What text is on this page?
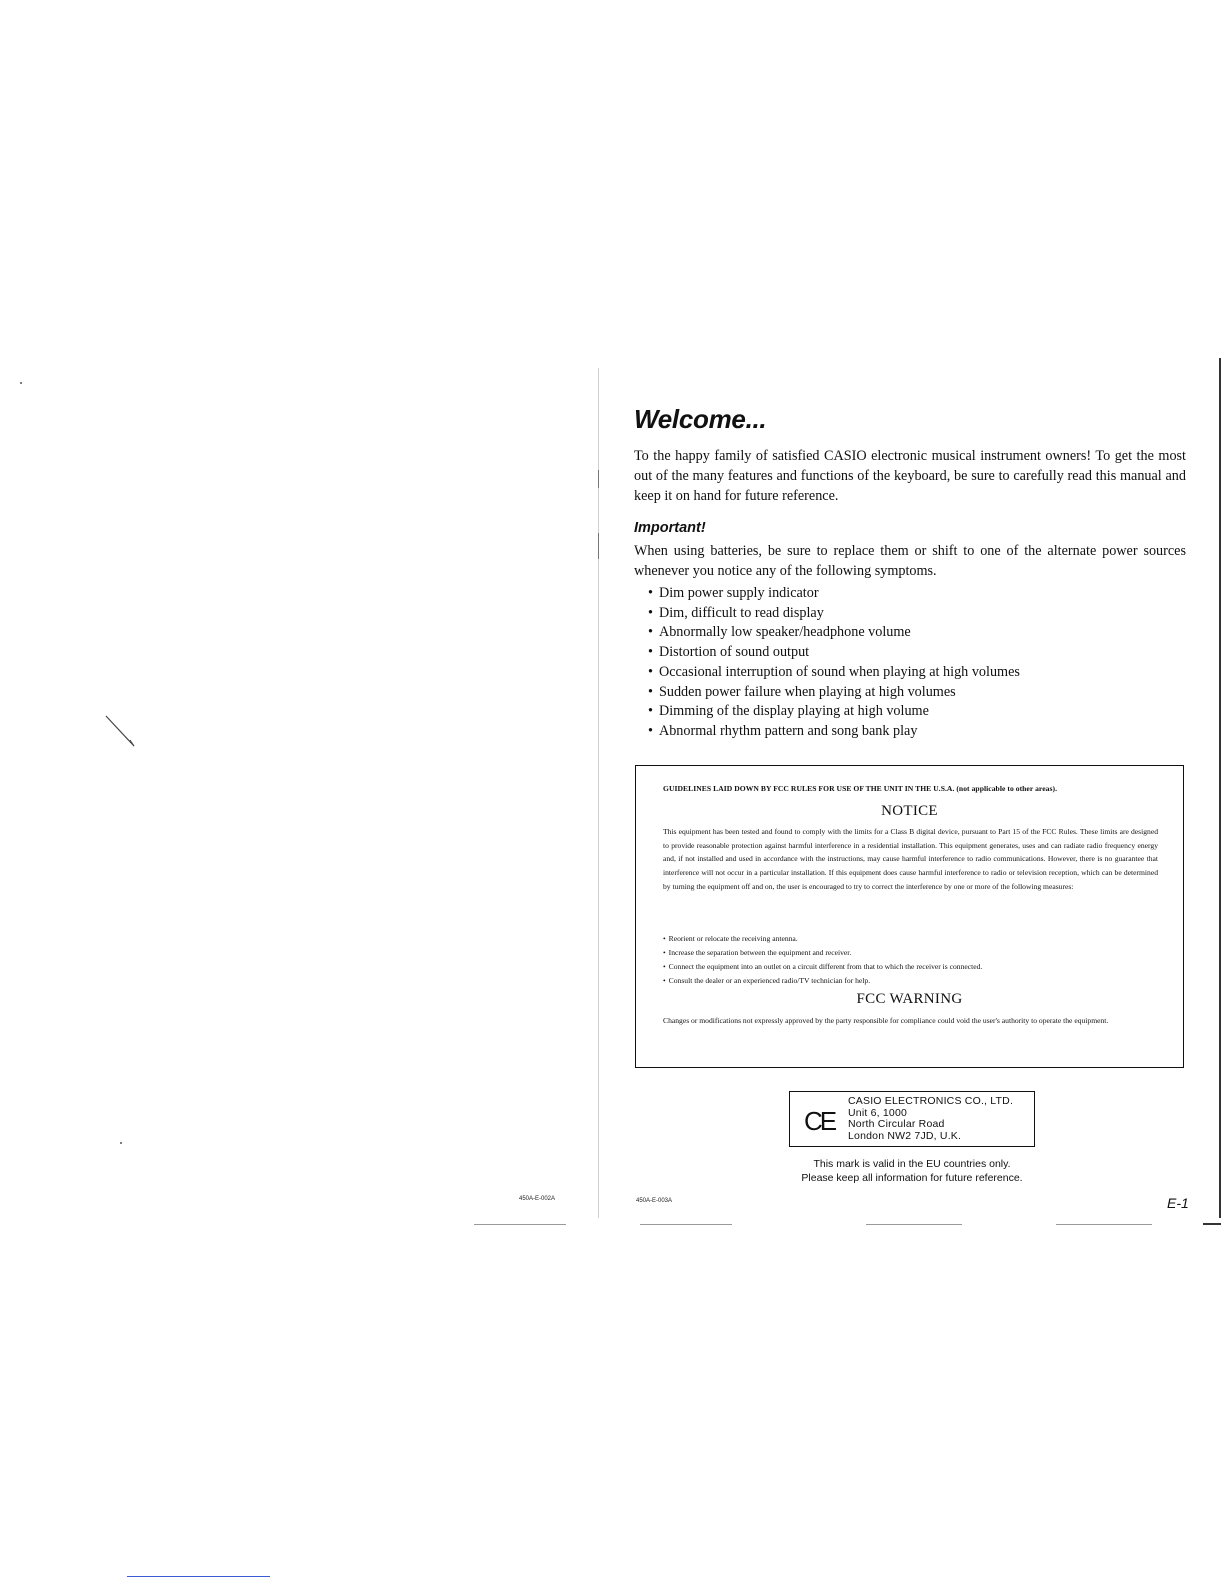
Welcome...

To the happy family of satisfied CASIO electronic musical instrument owners! To get the most out of the many features and functions of the keyboard, be sure to carefully read this manual and keep it on hand for future reference.

Important!

When using batteries, be sure to replace them or shift to one of the alternate power sources whenever you notice any of the following symptoms.

• Dim power supply indicator
• Dim, difficult to read display
• Abnormally low speaker/headphone volume
• Distortion of sound output
• Occasional interruption of sound when playing at high volumes
• Sudden power failure when playing at high volumes
• Dimming of the display playing at high volume
• Abnormal rhythm pattern and song bank play

GUIDELINES LAID DOWN BY FCC RULES FOR USE OF THE UNIT IN THE U.S.A. (not applicable to other areas).

NOTICE

This equipment has been tested and found to comply with the limits for a Class B digital device, pursuant to Part 15 of the FCC Rules. These limits are designed to provide reasonable protection against harmful interference in a residential installation. This equipment generates, uses and can radiate radio frequency energy and, if not installed and used in accordance with the instructions, may cause harmful interference to radio communications. However, there is no guarantee that interference will not occur in a particular installation. If this equipment does cause harmful interference to radio or television reception, which can be determined by turning the equipment off and on, the user is encouraged to try to correct the interference by one or more of the following measures:

• Reorient or relocate the receiving antenna.
• Increase the separation between the equipment and receiver.
• Connect the equipment into an outlet on a circuit different from that to which the receiver is connected.
• Consult the dealer or an experienced radio/TV technician for help.
FCC WARNING

Changes or modifications not expressly approved by the party responsible for compliance could void the user's authority to operate the equipment.

CE
CASIO ELECTRONICS CO., LTD.
Unit 6, 1000
North Circular Road
London NW2 7JD, U.K.
This mark is valid in the EU countries only.
Please keep all information for future reference.
450A-E-002A	450A-E-003A	E-1
